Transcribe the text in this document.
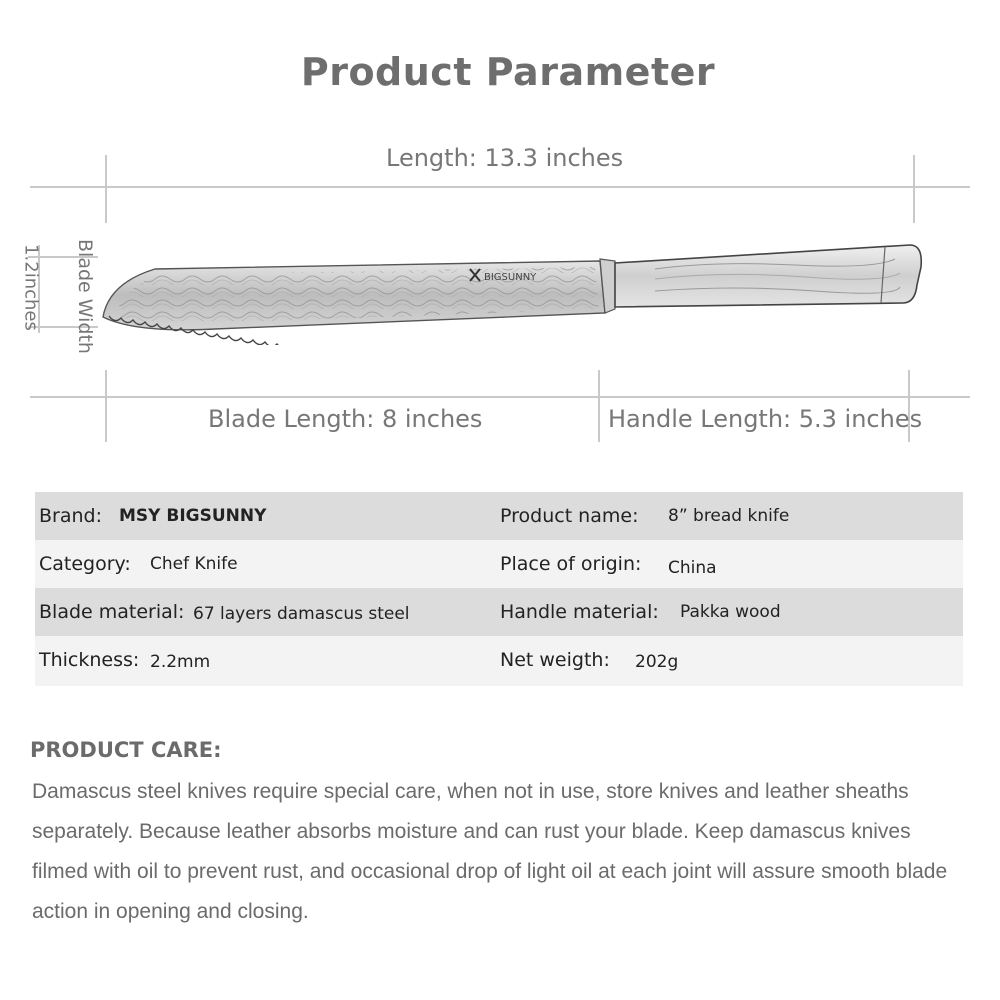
Product Parameter
Length: 13.3 inches
1.2inches Blade Width	BIGSUNNY
Blade Length: 8 inches	Handle Length: 5.3 inches
Brand: MSY BIGSUNNY	Product name: 8” bread knife
Category: Chef Knife	Place of origin: China
Blade material: 67 layers damascus steel	Handle material: Pakka wood
Thickness: 2.2mm	Net weigth: 202g
PRODUCT CARE:
Damascus steel knives require special care, when not in use, store knives and leather sheaths separately. Because leather absorbs moisture and can rust your blade. Keep damascus knives filmed with oil to prevent rust, and occasional drop of light oil at each joint will assure smooth blade action in opening and closing.
